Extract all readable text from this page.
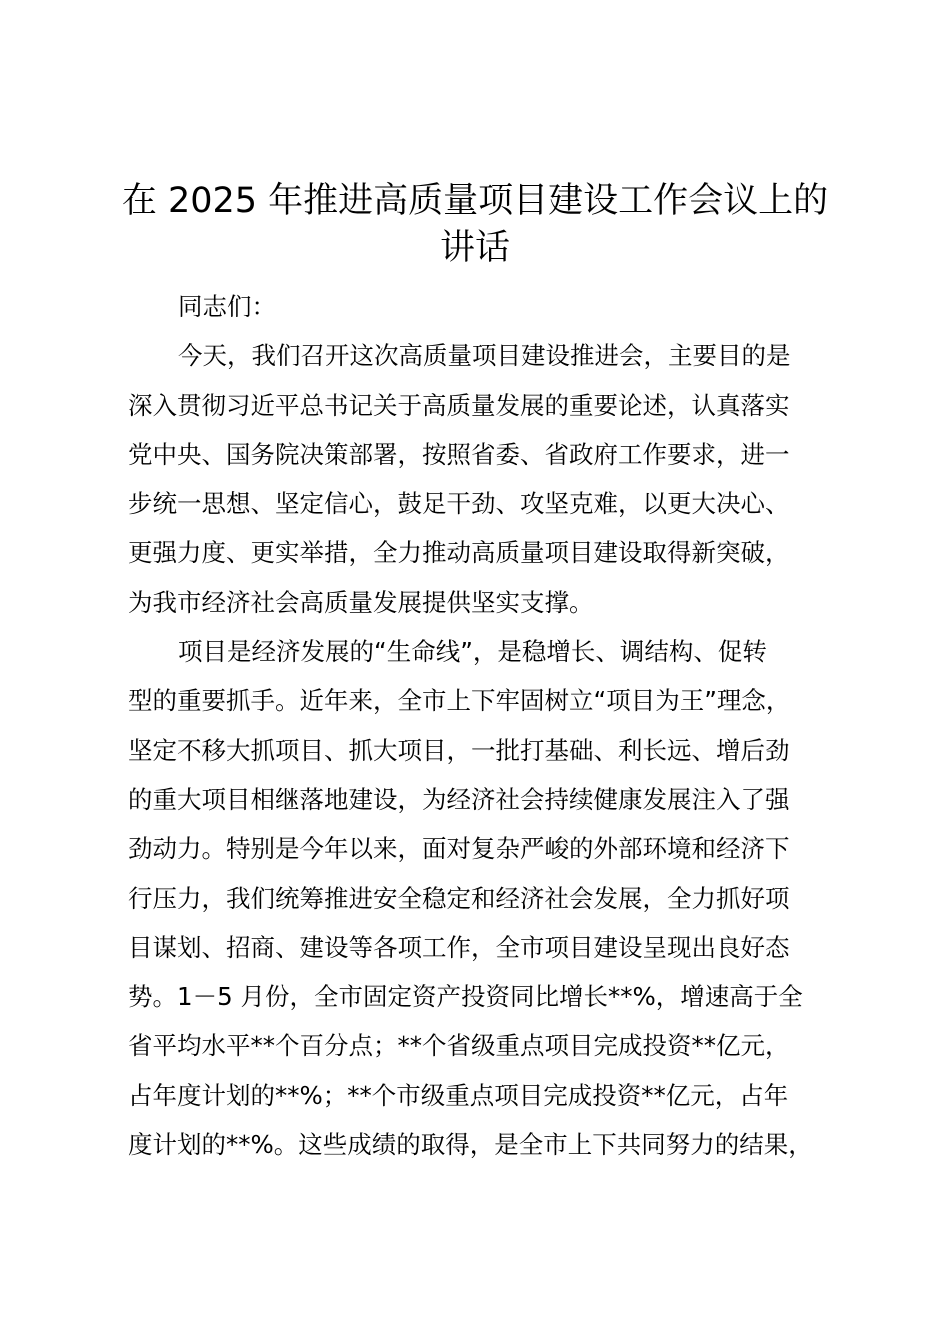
在 2025 年推进高质量项目建设工作会议上的
讲话
同志们：
今天，我们召开这次高质量项目建设推进会，主要目的是
深入贯彻习近平总书记关于高质量发展的重要论述，认真落实
党中央、国务院决策部署，按照省委、省政府工作要求，进一
步统一思想、坚定信心，鼓足干劲、攻坚克难，以更大决心、
更强力度、更实举措，全力推动高质量项目建设取得新突破，
为我市经济社会高质量发展提供坚实支撑。
项目是经济发展的“生命线”，是稳增长、调结构、促转
型的重要抓手。近年来，全市上下牢固树立“项目为王”理念，
坚定不移大抓项目、抓大项目，一批打基础、利长远、增后劲
的重大项目相继落地建设，为经济社会持续健康发展注入了强
劲动力。特别是今年以来，面对复杂严峻的外部环境和经济下
行压力，我们统筹推进安全稳定和经济社会发展，全力抓好项
目谋划、招商、建设等各项工作，全市项目建设呈现出良好态
势。1－5 月份，全市固定资产投资同比增长**%，增速高于全
省平均水平**个百分点；**个省级重点项目完成投资**亿元，
占年度计划的**%；**个市级重点项目完成投资**亿元，占年
度计划的**%。这些成绩的取得，是全市上下共同努力的结果，
